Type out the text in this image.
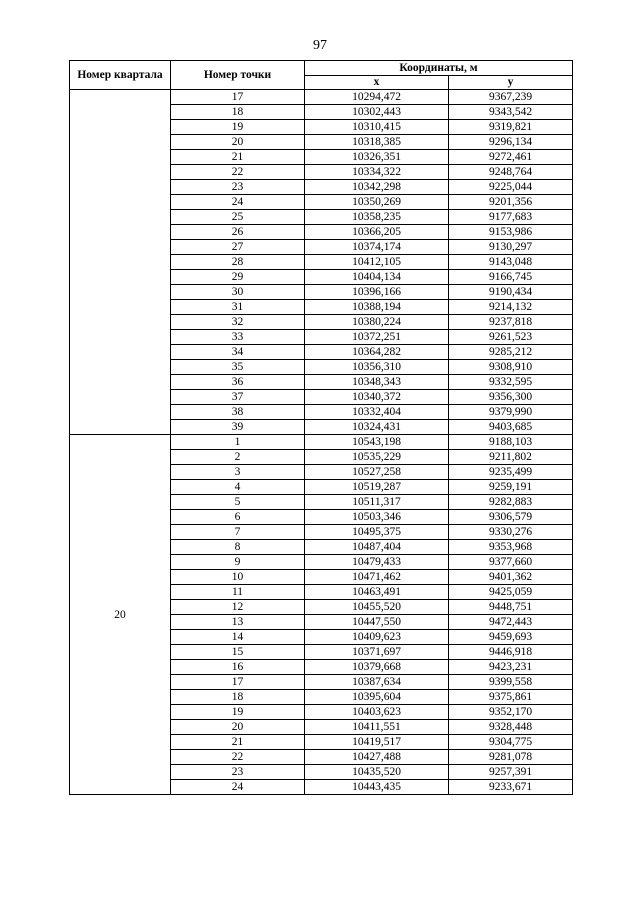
97
Номер квартала	Номер точки	Координаты, м	
		x	y
	17	10294,472	9367,239
	18	10302,443	9343,542
	19	10310,415	9319,821
	20	10318,385	9296,134
	21	10326,351	9272,461
	22	10334,322	9248,764
	23	10342,298	9225,044
	24	10350,269	9201,356
	25	10358,235	9177,683
	26	10366,205	9153,986
	27	10374,174	9130,297
	28	10412,105	9143,048
	29	10404,134	9166,745
	30	10396,166	9190,434
	31	10388,194	9214,132
	32	10380,224	9237,818
	33	10372,251	9261,523
	34	10364,282	9285,212
	35	10356,310	9308,910
	36	10348,343	9332,595
	37	10340,372	9356,300
	38	10332,404	9379,990
	39	10324,431	9403,685
20	1	10543,198	9188,103
	2	10535,229	9211,802
	3	10527,258	9235,499
	4	10519,287	9259,191
	5	10511,317	9282,883
	6	10503,346	9306,579
	7	10495,375	9330,276
	8	10487,404	9353,968
	9	10479,433	9377,660
	10	10471,462	9401,362
	11	10463,491	9425,059
	12	10455,520	9448,751
	13	10447,550	9472,443
	14	10409,623	9459,693
	15	10371,697	9446,918
	16	10379,668	9423,231
	17	10387,634	9399,558
	18	10395,604	9375,861
	19	10403,623	9352,170
	20	10411,551	9328,448
	21	10419,517	9304,775
	22	10427,488	9281,078
	23	10435,520	9257,391
	24	10443,435	9233,671
